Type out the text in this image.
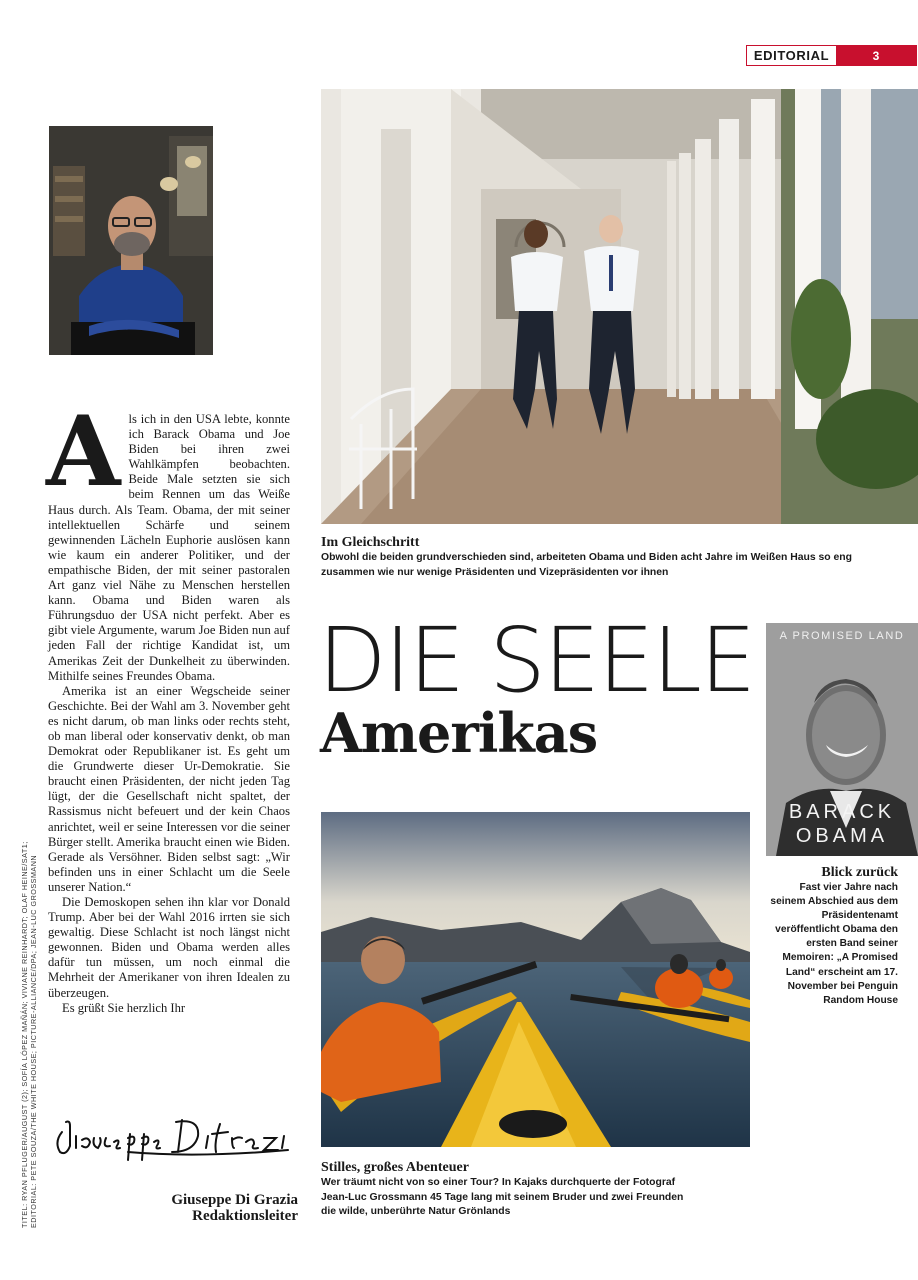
EDITORIAL	3

Als ich in den USA lebte, konnte ich Barack Obama und Joe Biden bei ihren zwei Wahlkämpfen beobachten. Beide Male setzten sie sich beim Rennen um das Weiße Haus durch. Als Team. Obama, der mit seiner intellektuellen Schärfe und seinem gewinnenden Lächeln Euphorie auslösen kann wie kaum ein anderer Politiker, und der empathische Biden, der mit seiner pastoralen Art ganz viel Nähe zu Menschen herstellen kann. Obama und Biden waren als Führungsduo der USA nicht perfekt. Aber es gibt viele Argumente, warum Joe Biden nun auf jeden Fall der richtige Kandidat ist, um Amerikas Zeit der Dunkelheit zu überwinden. Mithilfe seines Freundes Obama.

Amerika ist an einer Wegscheide seiner Geschichte. Bei der Wahl am 3. November geht es nicht darum, ob man links oder rechts steht, ob man liberal oder konservativ denkt, ob man Demokrat oder Republikaner ist. Es geht um die Grundwerte dieser Ur-Demokratie. Sie braucht einen Präsidenten, der nicht jeden Tag lügt, der die Gesellschaft nicht spaltet, der Rassismus nicht befeuert und der kein Chaos anrichtet, weil er seine Interessen vor die seiner Bürger stellt. Amerika braucht einen wie Biden. Gerade als Versöhner. Biden selbst sagt: „Wir befinden uns in einer Schlacht um die Seele unserer Nation.“

Die Demoskopen sehen ihn klar vor Donald Trump. Aber bei der Wahl 2016 irrten sie sich gewaltig. Diese Schlacht ist noch längst nicht gewonnen. Biden und Obama werden alles dafür tun müssen, um noch einmal die Mehrheit der Amerikaner von ihren Idealen zu überzeugen.

Es grüßt Sie herzlich Ihr

Giuseppe Di Grazia
Giuseppe Di Grazia
Redaktionsleiter
TITEL: RYAN PFLUGER/AUGUST (2); SOFÍA LÓPEZ MAÑÁN; VIVIANE REINHARDT; OLAF HEINE/SAT1; EDITORIAL: PETE SOUZA/THE WHITE HOUSE; PICTURE-ALLIANCE/DPA; JEAN-LUC GROSSMANN
Im Gleichschritt
Obwohl die beiden grundverschieden sind, arbeiteten Obama und Biden acht Jahre im Weißen Haus so eng zusammen wie nur wenige Präsidenten und Vizepräsidenten vor ihnen
DIE SEELE
Amerikas
A PROMISED LAND
BARACK
OBAMA
Blick zurück
Fast vier Jahre nach seinem Abschied aus dem Präsidentenamt veröffentlicht Obama den ersten Band seiner Memoiren: „A Promised Land“ erscheint am 17. November bei Penguin Random House
Stilles, großes Abenteuer
Wer träumt nicht von so einer Tour? In Kajaks durchquerte der Fotograf Jean-Luc Grossmann 45 Tage lang mit seinem Bruder und zwei Freunden die wilde, unberührte Natur Grönlands
